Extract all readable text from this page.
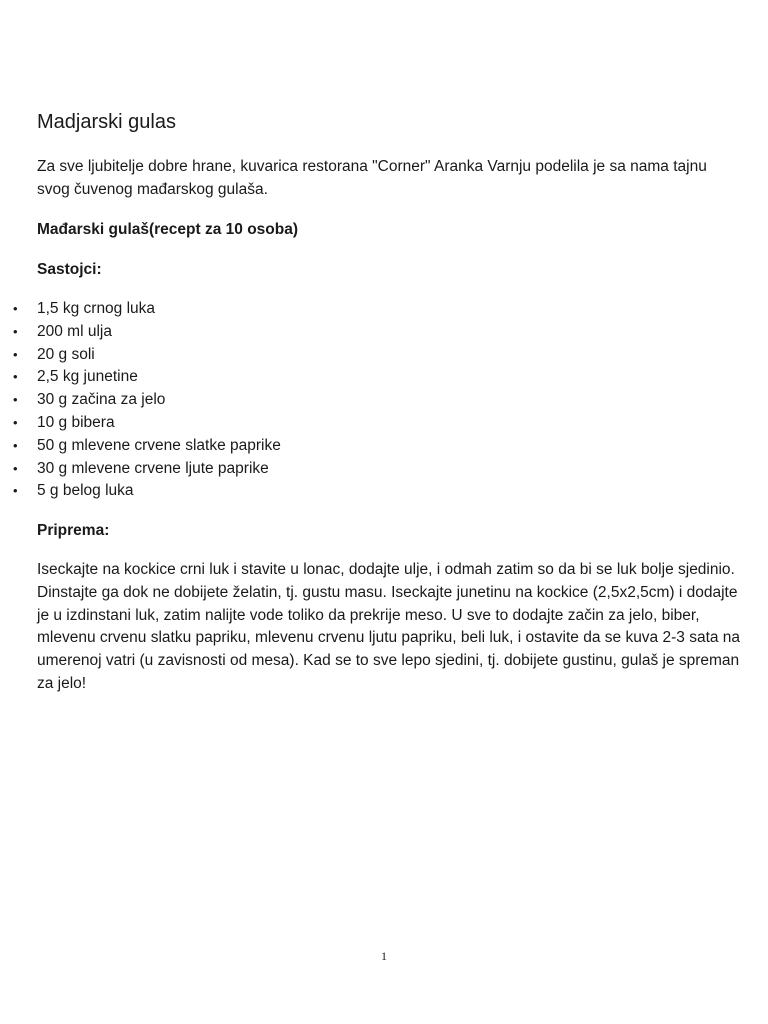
Madjarski gulas

Za sve ljubitelje dobre hrane, kuvarica restorana "Corner" Aranka Varnju podelila je sa nama tajnu svog čuvenog mađarskog gulaša.

Mađarski gulaš(recept za 10 osoba)

Sastojci:

• 1,5 kg crnog luka
• 200 ml ulja
• 20 g soli
• 2,5 kg junetine
• 30 g začina za jelo
• 10 g bibera
• 50 g mlevene crvene slatke paprike
• 30 g mlevene crvene ljute paprike
• 5 g belog luka

Priprema:

Iseckajte na kockice crni luk i stavite u lonac, dodajte ulje, i odmah zatim so da bi se luk bolje sjedinio. Dinstajte ga dok ne dobijete želatin, tj. gustu masu. Iseckajte junetinu na kockice (2,5x2,5cm) i dodajte je u izdinstani luk, zatim nalijte vode toliko da prekrije meso. U sve to dodajte začin za jelo, biber, mlevenu crvenu slatku papriku, mlevenu crvenu ljutu papriku, beli luk, i ostavite da se kuva 2-3 sata na umerenoj vatri (u zavisnosti od mesa). Kad se to sve lepo sjedini, tj. dobijete gustinu, gulaš je spreman za jelo!

1
